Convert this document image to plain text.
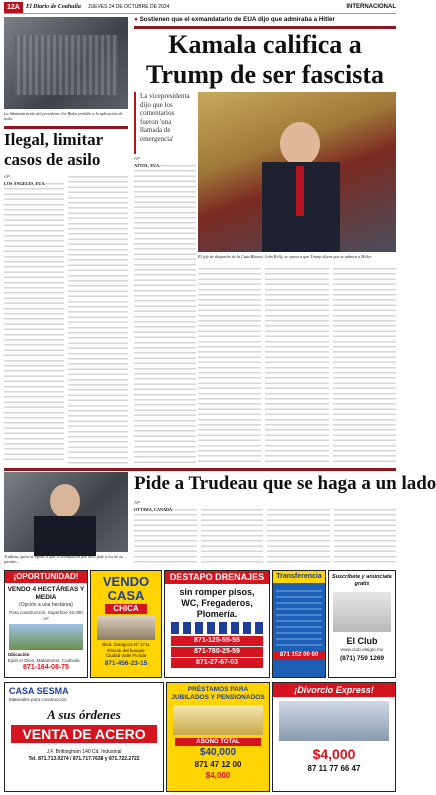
12A	El Diario de Coahuila JUEVES 24 DE OCTUBRE DE 2024	INTERNACIONAL
La Administración del presidente Joe Biden prohíbe a la aplicación de asilo.
Ilegal, limitar
casos de asilo
AP
LOS ÁNGELES, EUA.-
● Sostienen que el exmandatario de EUA dijo que admiraba a Hitler
Kamala califica a
Trump de ser fascista
La vicepresidenta dijo que los comentarios fueron 'una llamada de emergencia'
AP
ATTOL, EUA.-
El jefe de despacho de la Casa Blanca, John Kelly, se opuso a que Trump dijera que se admira a Hitler.
Pide a Trudeau que se haga a un lado
Trudeau, quien se opone a que lo reemplacen por otro, pide a los de su partido...
AP
OTTAWA, CANADÁ.-
¡OPORTUNIDAD!
VENDO 4 HECTÁREAS Y MEDIA
(Opción a una hectárea)
Para construcción. Superficie 45,000 m²
Ubicación
Ejido el Olivo, Matamoros, Coahuila.
871-164-08-75
VENDO
CASA
CHICA
Blvd. Zaragoza Nº 3711
Rincón del bosque
Ciudad Valle Florida
871-456-23-15
DESTAPO DRENAJES
sin romper pisos,
WC, Fregaderos,
Plomería.
871-125-55-55
871-780-25-59
871-27-67-03
Transferencia
871 152 00 00
Suscríbete y anúnciate gratis
El Club
www.club.elsiglo.mx
(871) 759 1269
CASA SESMA
Materiales para construcción
A sus órdenes
VENTA DE ACERO
J.F. Brittingham 140 Cd. Industrial
Tel. 871.713.0274 / 871.717.7638 y 871.722.2722
PRÉSTAMOS PARA JUBILADOS Y PENSIONADOS
ABONO TOTAL
$40,000
871 47 12 00
$4,000
¡Divorcio Express!
$4,000
87 11 77 66 47
